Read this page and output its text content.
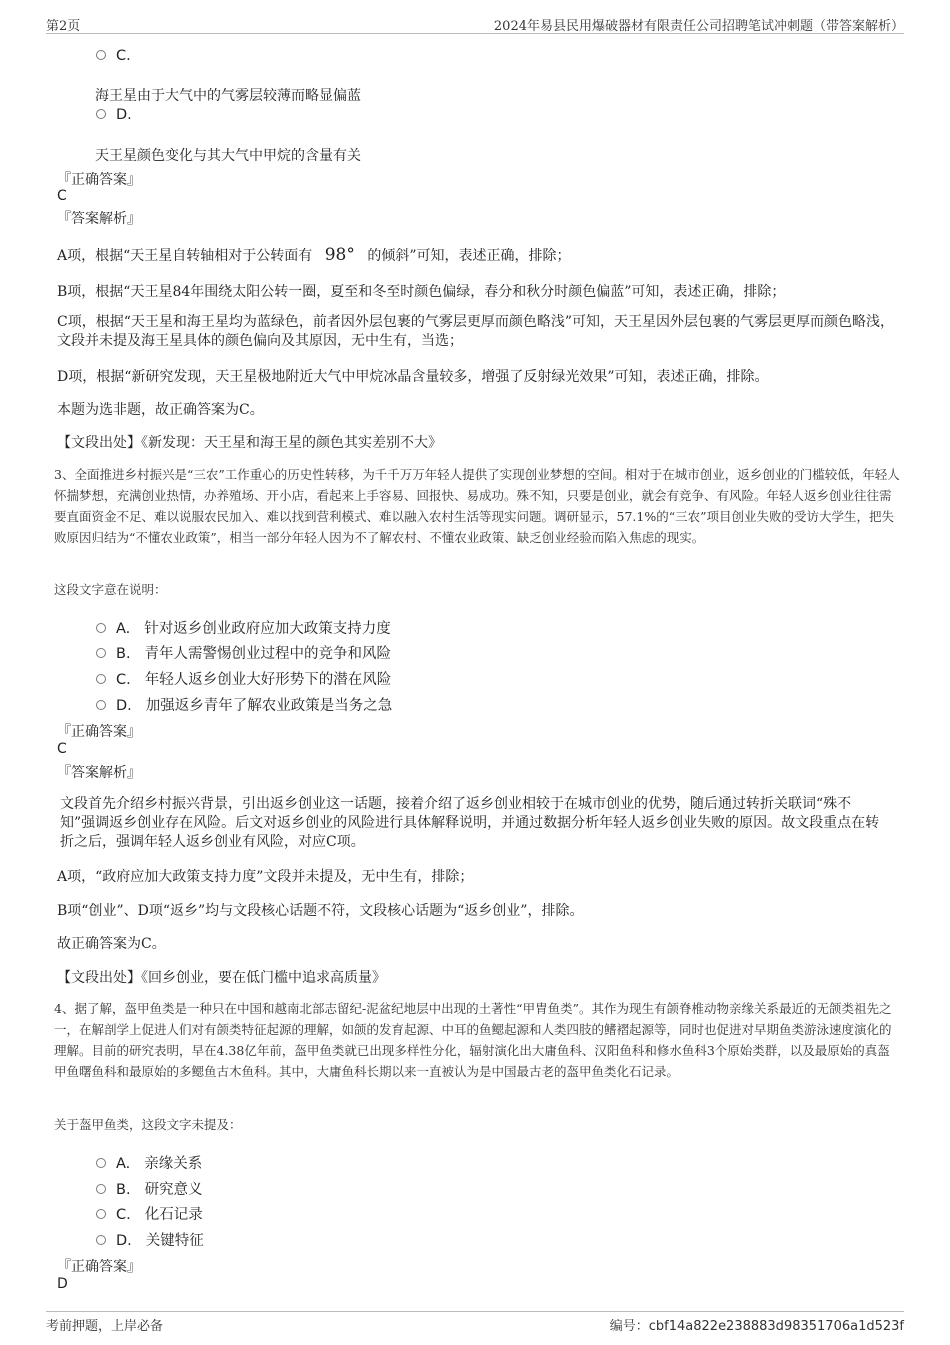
第2页	2024年易县民用爆破器材有限责任公司招聘笔试冲刺题（带答案解析）
C.
海王星由于大气中的气雾层较薄而略显偏蓝
D.
天王星颜色变化与其大气中甲烷的含量有关
『正确答案』
C
『答案解析』
A项，根据“天王星自转轴相对于公转面有 98° 的倾斜”可知，表述正确，排除；
B项，根据“天王星84年围绕太阳公转一圈，夏至和冬至时颜色偏绿，春分和秋分时颜色偏蓝”可知，表述正确，排除；
C项，根据“天王星和海王星均为蓝绿色，前者因外层包裹的气雾层更厚而颜色略浅”可知，天王星因外层包裹的气雾层更厚而颜色略浅，文段并未提及海王星具体的颜色偏向及其原因，无中生有，当选；
D项，根据“新研究发现，天王星极地附近大气中甲烷冰晶含量较多，增强了反射绿光效果”可知，表述正确，排除。
本题为选非题，故正确答案为C。
【文段出处】《新发现：天王星和海王星的颜色其实差别不大》
3、全面推进乡村振兴是“三农”工作重心的历史性转移，为千千万万年轻人提供了实现创业梦想的空间。相对于在城市创业，返乡创业的门槛较低，年轻人怀揣梦想，充满创业热情，办养殖场、开小店，看起来上手容易、回报快、易成功。殊不知，只要是创业，就会有竞争、有风险。年轻人返乡创业往往需要直面资金不足、难以说服农民加入、难以找到营利模式、难以融入农村生活等现实问题。调研显示，57.1%的“三农”项目创业失败的受访大学生，把失败原因归结为“不懂农业政策”，相当一部分年轻人因为不了解农村、不懂农业政策、缺乏创业经验而陷入焦虑的现实。
这段文字意在说明：
A. 针对返乡创业政府应加大政策支持力度
B. 青年人需警惕创业过程中的竞争和风险
C. 年轻人返乡创业大好形势下的潜在风险
D. 加强返乡青年了解农业政策是当务之急
『正确答案』
C
『答案解析』
文段首先介绍乡村振兴背景，引出返乡创业这一话题，接着介绍了返乡创业相较于在城市创业的优势，随后通过转折关联词“殊不知”强调返乡创业存在风险。后文对返乡创业的风险进行具体解释说明，并通过数据分析年轻人返乡创业失败的原因。故文段重点在转折之后，强调年轻人返乡创业有风险，对应C项。
A项，“政府应加大政策支持力度”文段并未提及，无中生有，排除；
B项“创业”、D项“返乡”均与文段核心话题不符，文段核心话题为“返乡创业”，排除。
故正确答案为C。
【文段出处】《回乡创业，要在低门槛中追求高质量》
4、据了解，盔甲鱼类是一种只在中国和越南北部志留纪-泥盆纪地层中出现的土著性“甲胄鱼类”。其作为现生有颌脊椎动物亲缘关系最近的无颌类祖先之一，在解剖学上促进人们对有颌类特征起源的理解，如颌的发育起源、中耳的鱼鳃起源和人类四肢的鳍褶起源等，同时也促进对早期鱼类游泳速度演化的理解。目前的研究表明，早在4.38亿年前，盔甲鱼类就已出现多样性分化，辐射演化出大庸鱼科、汉阳鱼科和修水鱼科3个原始类群，以及最原始的真盔甲鱼曙鱼科和最原始的多鳃鱼古木鱼科。其中，大庸鱼科长期以来一直被认为是中国最古老的盔甲鱼类化石记录。
关于盔甲鱼类，这段文字未提及：
A. 亲缘关系
B. 研究意义
C. 化石记录
D. 关键特征
『正确答案』
D
考前押题，上岸必备	编号：cbf14a822e238883d98351706a1d523f
